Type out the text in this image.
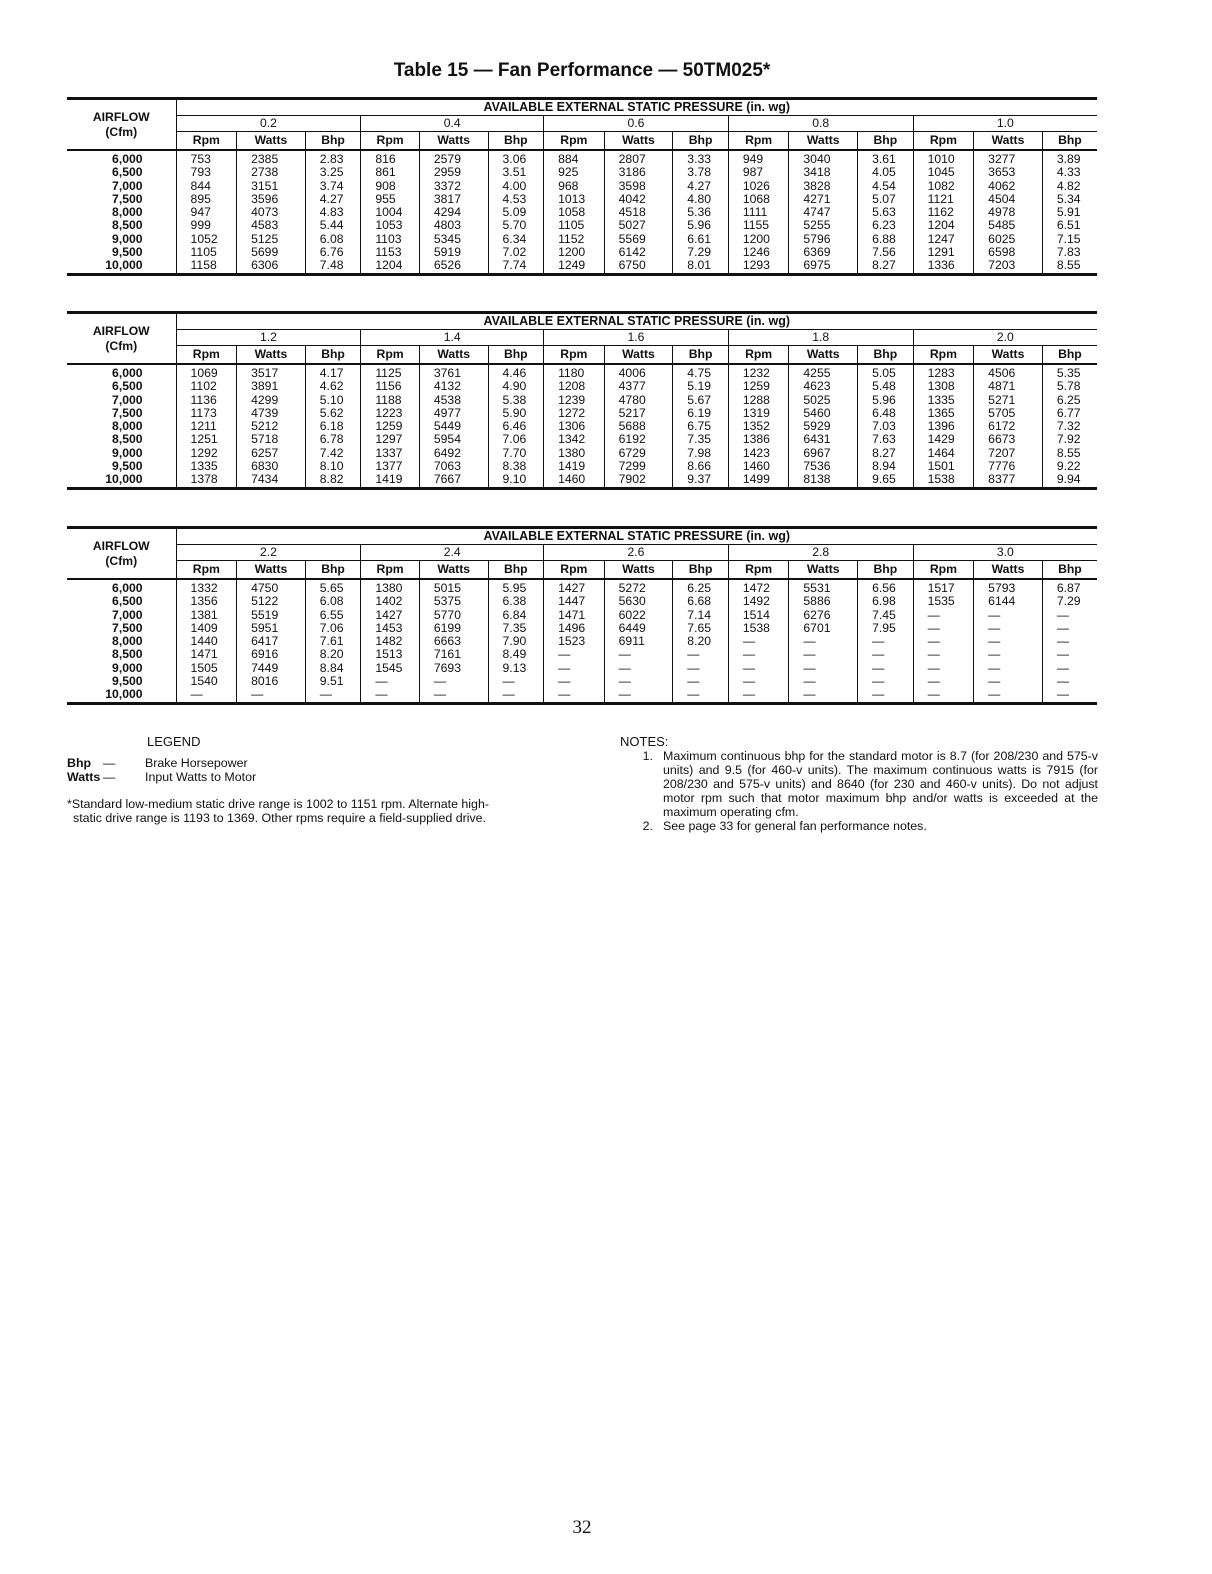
Table 15 — Fan Performance — 50TM025*
AIRFLOW
(Cfm)	AVAILABLE EXTERNAL STATIC PRESSURE (in. wg)														
	0.2			0.4			0.6			0.8			1.0		
	Rpm	Watts	Bhp	Rpm	Watts	Bhp	Rpm	Watts	Bhp	Rpm	Watts	Bhp	Rpm	Watts	Bhp
6,000	753	2385	2.83	816	2579	3.06	884	2807	3.33	949	3040	3.61	1010	3277	3.89
6,500	793	2738	3.25	861	2959	3.51	925	3186	3.78	987	3418	4.05	1045	3653	4.33
7,000	844	3151	3.74	908	3372	4.00	968	3598	4.27	1026	3828	4.54	1082	4062	4.82
7,500	895	3596	4.27	955	3817	4.53	1013	4042	4.80	1068	4271	5.07	1121	4504	5.34
8,000	947	4073	4.83	1004	4294	5.09	1058	4518	5.36	1111	4747	5.63	1162	4978	5.91
8,500	999	4583	5.44	1053	4803	5.70	1105	5027	5.96	1155	5255	6.23	1204	5485	6.51
9,000	1052	5125	6.08	1103	5345	6.34	1152	5569	6.61	1200	5796	6.88	1247	6025	7.15
9,500	1105	5699	6.76	1153	5919	7.02	1200	6142	7.29	1246	6369	7.56	1291	6598	7.83
10,000	1158	6306	7.48	1204	6526	7.74	1249	6750	8.01	1293	6975	8.27	1336	7203	8.55
AIRFLOW
(Cfm)	AVAILABLE EXTERNAL STATIC PRESSURE (in. wg)														
	1.2			1.4			1.6			1.8			2.0		
	Rpm	Watts	Bhp	Rpm	Watts	Bhp	Rpm	Watts	Bhp	Rpm	Watts	Bhp	Rpm	Watts	Bhp
6,000	1069	3517	4.17	1125	3761	4.46	1180	4006	4.75	1232	4255	5.05	1283	4506	5.35
6,500	1102	3891	4.62	1156	4132	4.90	1208	4377	5.19	1259	4623	5.48	1308	4871	5.78
7,000	1136	4299	5.10	1188	4538	5.38	1239	4780	5.67	1288	5025	5.96	1335	5271	6.25
7,500	1173	4739	5.62	1223	4977	5.90	1272	5217	6.19	1319	5460	6.48	1365	5705	6.77
8,000	1211	5212	6.18	1259	5449	6.46	1306	5688	6.75	1352	5929	7.03	1396	6172	7.32
8,500	1251	5718	6.78	1297	5954	7.06	1342	6192	7.35	1386	6431	7.63	1429	6673	7.92
9,000	1292	6257	7.42	1337	6492	7.70	1380	6729	7.98	1423	6967	8.27	1464	7207	8.55
9,500	1335	6830	8.10	1377	7063	8.38	1419	7299	8.66	1460	7536	8.94	1501	7776	9.22
10,000	1378	7434	8.82	1419	7667	9.10	1460	7902	9.37	1499	8138	9.65	1538	8377	9.94
AIRFLOW
(Cfm)	AVAILABLE EXTERNAL STATIC PRESSURE (in. wg)														
	2.2			2.4			2.6			2.8			3.0		
	Rpm	Watts	Bhp	Rpm	Watts	Bhp	Rpm	Watts	Bhp	Rpm	Watts	Bhp	Rpm	Watts	Bhp
6,000	1332	4750	5.65	1380	5015	5.95	1427	5272	6.25	1472	5531	6.56	1517	5793	6.87
6,500	1356	5122	6.08	1402	5375	6.38	1447	5630	6.68	1492	5886	6.98	1535	6144	7.29
7,000	1381	5519	6.55	1427	5770	6.84	1471	6022	7.14	1514	6276	7.45	—	—	—
7,500	1409	5951	7.06	1453	6199	7.35	1496	6449	7.65	1538	6701	7.95	—	—	—
8,000	1440	6417	7.61	1482	6663	7.90	1523	6911	8.20	—	—	—	—	—	—
8,500	1471	6916	8.20	1513	7161	8.49	—	—	—	—	—	—	—	—	—
9,000	1505	7449	8.84	1545	7693	9.13	—	—	—	—	—	—	—	—	—
9,500	1540	8016	9.51	—	—	—	—	—	—	—	—	—	—	—	—
10,000	—	—	—	—	—	—	—	—	—	—	—	—	—	—	—
LEGEND
Bhp —	Brake Horsepower
Watts —	Input Watts to Motor

*Standard low-medium static drive range is 1002 to 1151 rpm. Alternate high-

static drive range is 1193 to 1369. Other rpms require a field-supplied drive.

NOTES:
1. Maximum continuous bhp for the standard motor is 8.7 (for 208/230 and 575-v units) and 9.5 (for 460-v units). The maximum continuous watts is 7915 (for 208/230 and 575-v units) and 8640 (for 230 and 460-v units). Do not adjust motor rpm such that motor maximum bhp and/or watts is exceeded at the maximum operating cfm.
2. See page 33 for general fan performance notes.
32
